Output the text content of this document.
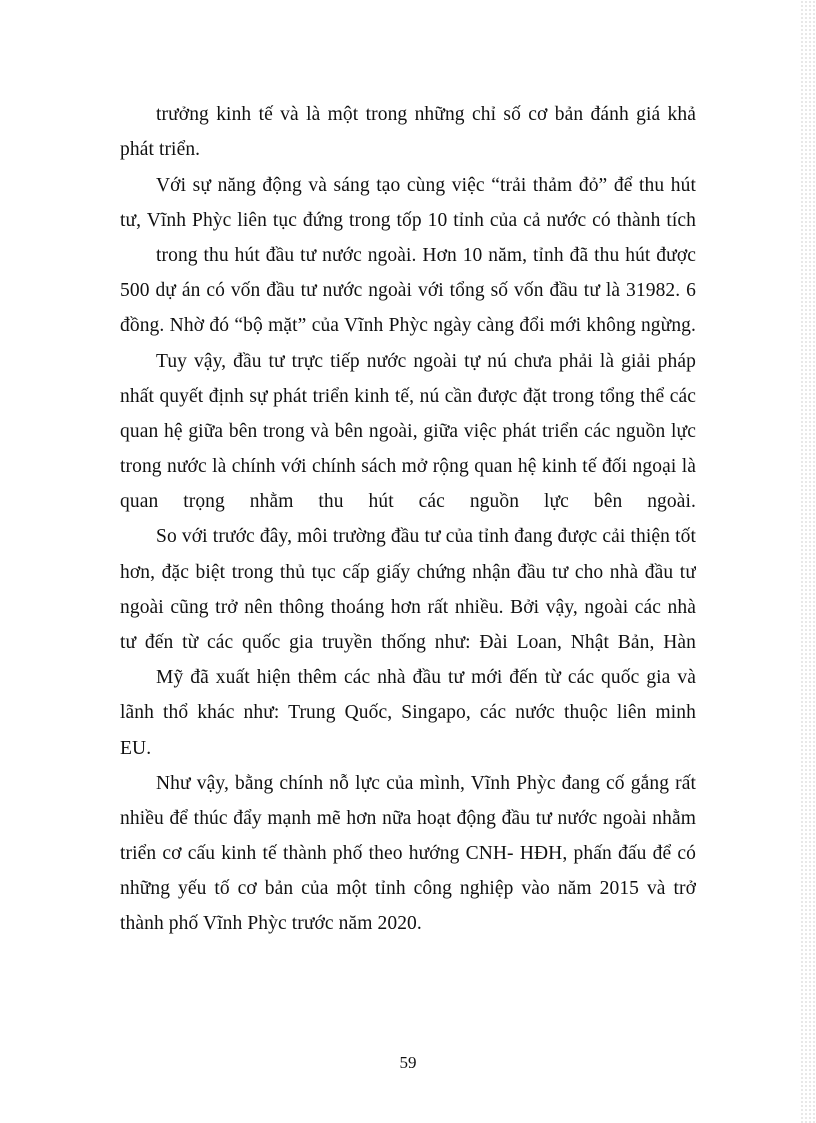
trưởng kinh tế và là một trong những chỉ số cơ bản đánh giá khả
phát triển.
Với sự năng động và sáng tạo cùng việc “trải thảm đỏ” để thu hút
tư, Vĩnh Phỳc liên tục đứng trong tốp 10 tỉnh của cả nước có thành tích
trong thu hút đầu tư nước ngoài. Hơn 10 năm, tỉnh đã thu hút được
500 dự án có vốn đầu tư nước ngoài với tổng số vốn đầu tư là 31982. 6
đồng. Nhờ đó “bộ mặt” của Vĩnh Phỳc ngày càng đổi mới không ngừng.
Tuy vậy, đầu tư trực tiếp nước ngoài tự nú chưa phải là giải pháp
nhất quyết định sự phát triển kinh tế, nú cần được đặt trong tổng thể các
quan hệ giữa bên trong và bên ngoài, giữa việc phát triển các nguồn lực
trong nước là chính với chính sách mở rộng quan hệ kinh tế đối ngoại là
quan trọng nhằm thu hút các nguồn lực bên ngoài.
So với trước đây, môi trường đầu tư của tỉnh đang được cải thiện tốt
hơn, đặc biệt trong thủ tục cấp giấy chứng nhận đầu tư cho nhà đầu tư
ngoài cũng trở nên thông thoáng hơn rất nhiều. Bởi vậy, ngoài các nhà
tư đến từ các quốc gia truyền thống như: Đài Loan, Nhật Bản, Hàn
Mỹ đã xuất hiện thêm các nhà đầu tư mới đến từ các quốc gia và
lãnh thổ khác như: Trung Quốc, Singapo, các nước thuộc liên minh
EU.
Như vậy, bằng chính nỗ lực của mình, Vĩnh Phỳc đang cố gắng rất
nhiều để thúc đẩy mạnh mẽ hơn nữa hoạt động đầu tư nước ngoài nhằm
triển cơ cấu kinh tế thành phố theo hướng CNH- HĐH, phấn đấu để có
những yếu tố cơ bản của một tỉnh công nghiệp vào năm 2015 và trở
thành phố Vĩnh Phỳc trước năm 2020.
59
